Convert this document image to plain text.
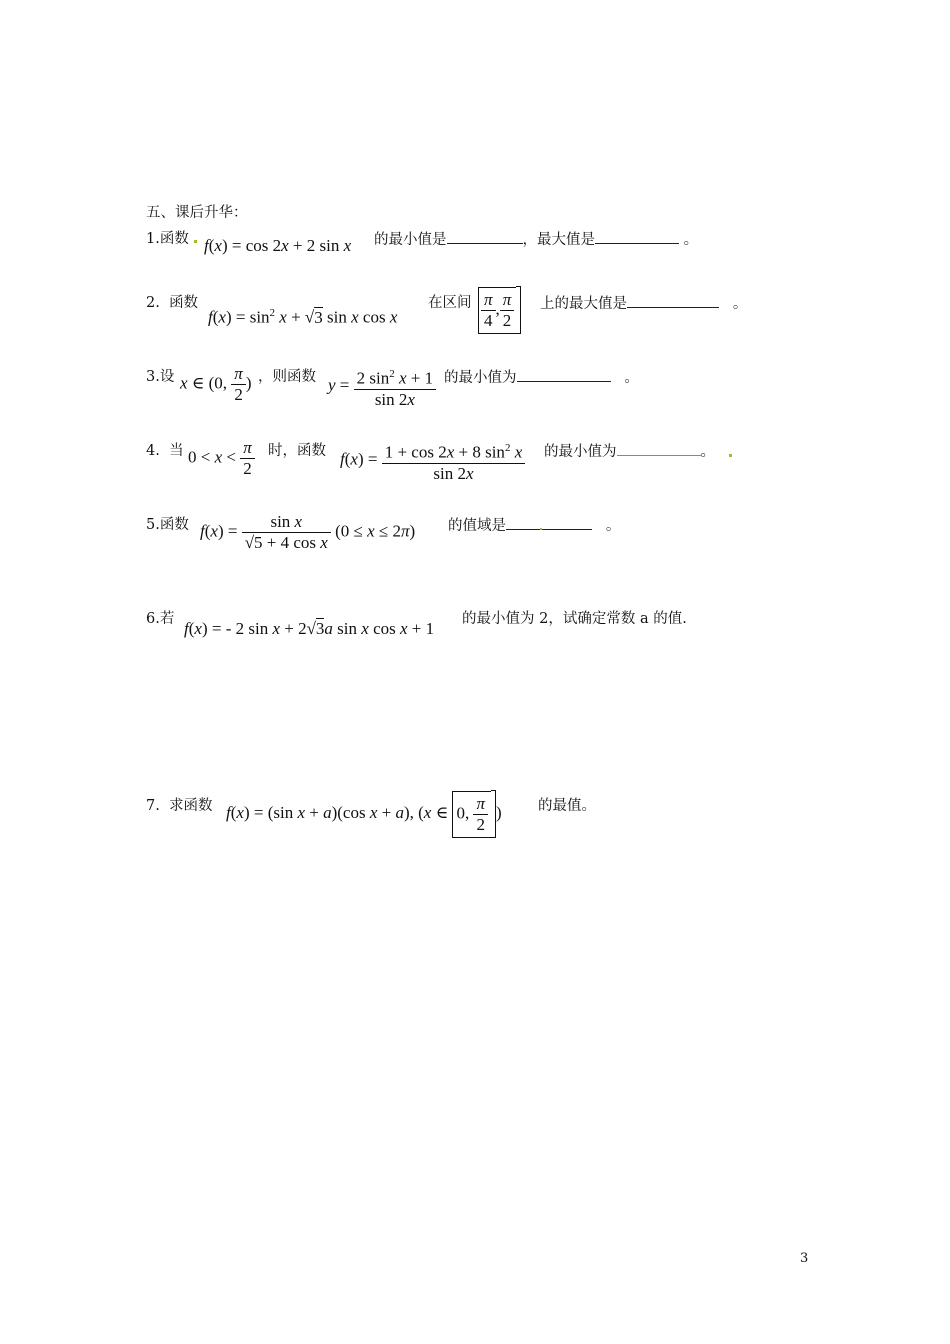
五、课后升华：
1.函数 f(x) = cos 2x + 2 sin x 的最小值是	，最大值是	。
2. 函数
$f(x) = \sin^2 x + √3$ sin x cos x
在区间 $\frac{\pi}{4}$ , $\frac{\pi}{2}$ 上的最大值是	。
3.设 x ∈ (0, $\frac{\pi}{2}$ ) ，则函数 $y = \frac{2 \sin^2 x + 1}{\sin 2x}$ 的最小值为	。
4. 当 $0 < x < \frac{\pi}{2}$ 时，函数 $f(x) = \frac{1 + \cos 2x + 8 \sin^2 x}{\sin 2x}$ 的最小值为	。
5.函数 $f(x) = \frac{\text{sin x}}{\text{√5 + 4 cos x}} (0 \le x \le 2\pi)$ 的值域是	。
6.若 f(x) = - 2 sin x + 2√3a sin x cos x + 1 的最小值为 2，试确定常数 a 的值.
7. 求函数 f(x) = (sin x + a)(cos x + a), (x ∈ 0, $\frac{\pi}{2}$ )	的最值。
3
